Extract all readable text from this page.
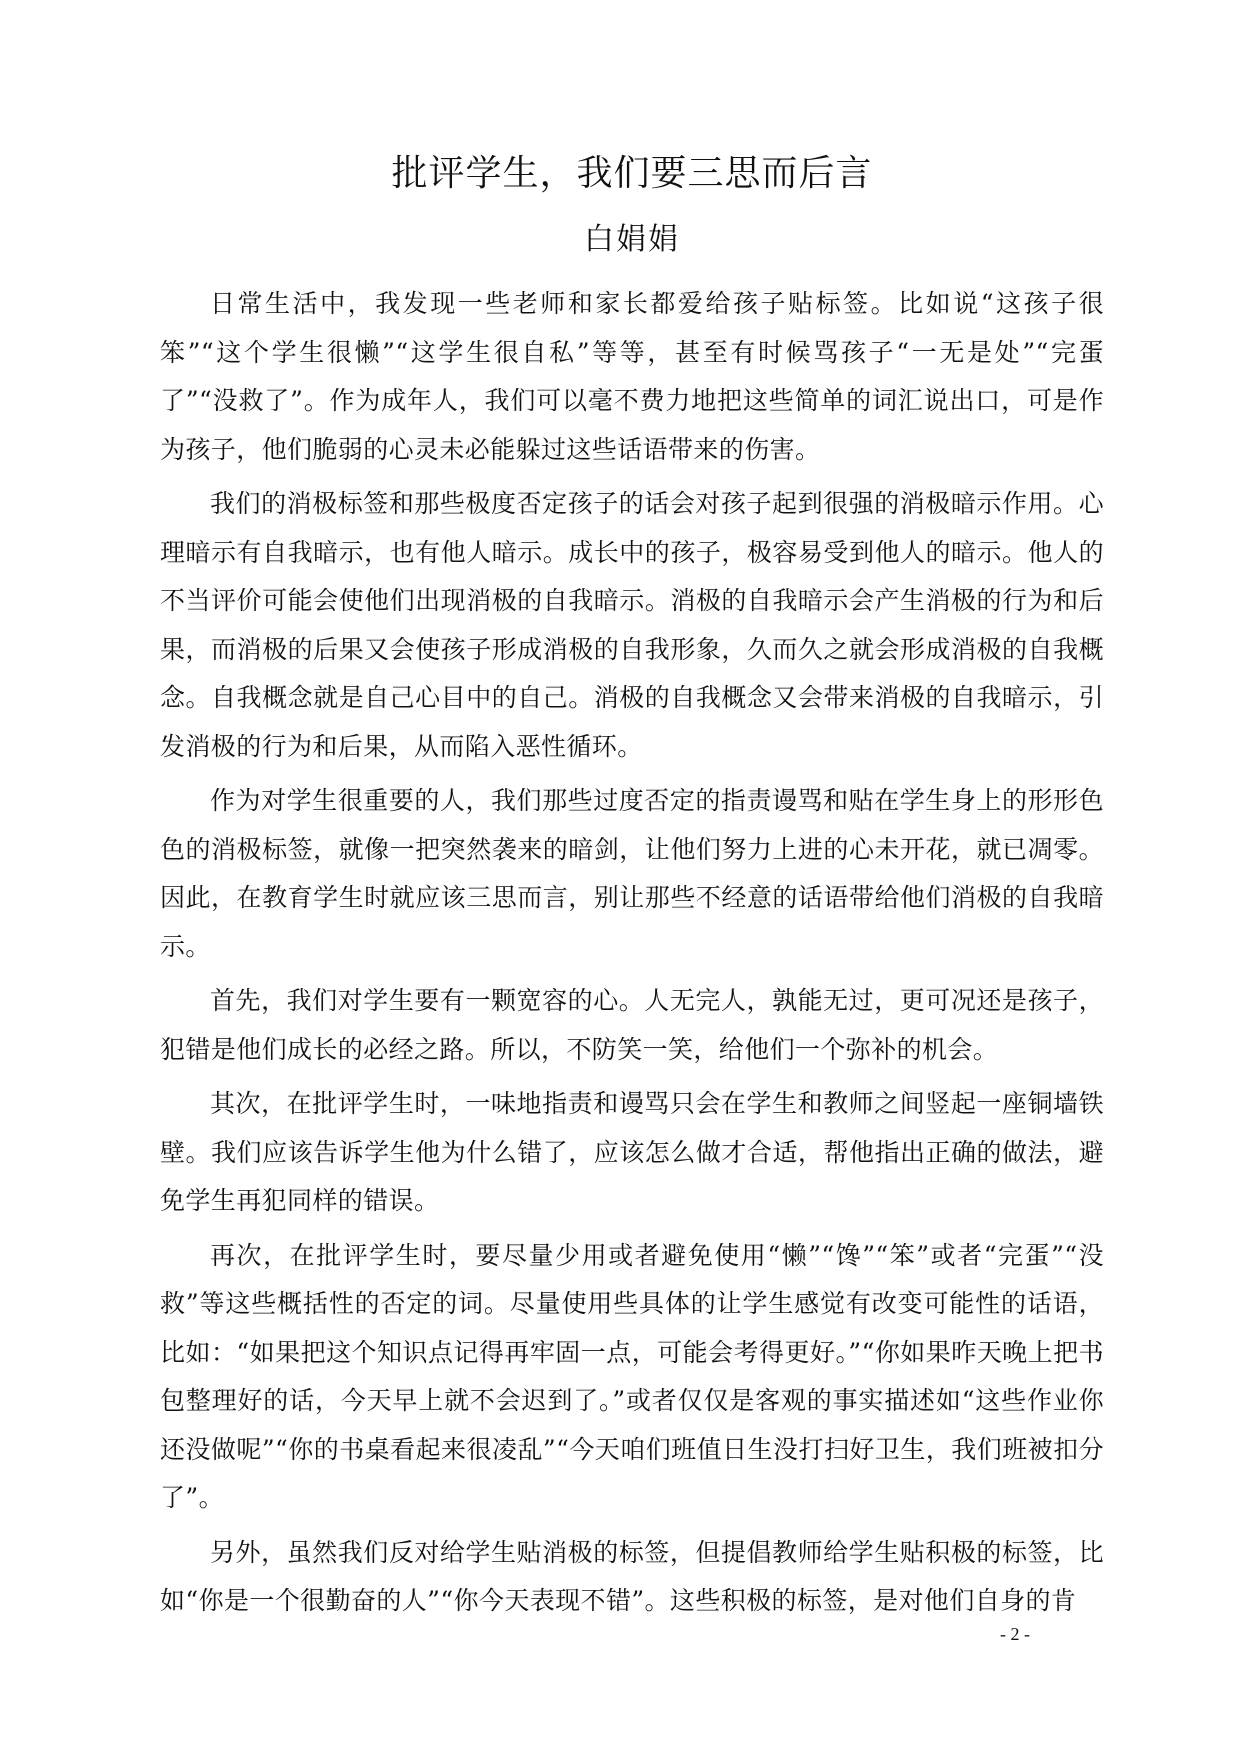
批评学生，我们要三思而后言
白娟娟

日常生活中，我发现一些老师和家长都爱给孩子贴标签。比如说“这孩子很笨”“这个学生很懒”“这学生很自私”等等，甚至有时候骂孩子“一无是处”“完蛋了”“没救了”。作为成年人，我们可以毫不费力地把这些简单的词汇说出口，可是作为孩子，他们脆弱的心灵未必能躲过这些话语带来的伤害。

我们的消极标签和那些极度否定孩子的话会对孩子起到很强的消极暗示作用。心理暗示有自我暗示，也有他人暗示。成长中的孩子，极容易受到他人的暗示。他人的不当评价可能会使他们出现消极的自我暗示。消极的自我暗示会产生消极的行为和后果，而消极的后果又会使孩子形成消极的自我形象，久而久之就会形成消极的自我概念。自我概念就是自己心目中的自己。消极的自我概念又会带来消极的自我暗示，引发消极的行为和后果，从而陷入恶性循环。

作为对学生很重要的人，我们那些过度否定的指责谩骂和贴在学生身上的形形色色的消极标签，就像一把突然袭来的暗剑，让他们努力上进的心未开花，就已凋零。因此，在教育学生时就应该三思而言，别让那些不经意的话语带给他们消极的自我暗示。

首先，我们对学生要有一颗宽容的心。人无完人，孰能无过，更可况还是孩子，犯错是他们成长的必经之路。所以，不防笑一笑，给他们一个弥补的机会。

其次，在批评学生时，一味地指责和谩骂只会在学生和教师之间竖起一座铜墙铁壁。我们应该告诉学生他为什么错了，应该怎么做才合适，帮他指出正确的做法，避免学生再犯同样的错误。

再次，在批评学生时，要尽量少用或者避免使用“懒”“馋”“笨”或者“完蛋”“没救”等这些概括性的否定的词。尽量使用些具体的让学生感觉有改变可能性的话语，比如：“如果把这个知识点记得再牢固一点，可能会考得更好。”“你如果昨天晚上把书包整理好的话，今天早上就不会迟到了。”或者仅仅是客观的事实描述如“这些作业你还没做呢”“你的书桌看起来很凌乱”“今天咱们班值日生没打扫好卫生，我们班被扣分了”。

另外，虽然我们反对给学生贴消极的标签，但提倡教师给学生贴积极的标签，比如“你是一个很勤奋的人”“你今天表现不错”。这些积极的标签，是对他们自身的肯

- 2 -
